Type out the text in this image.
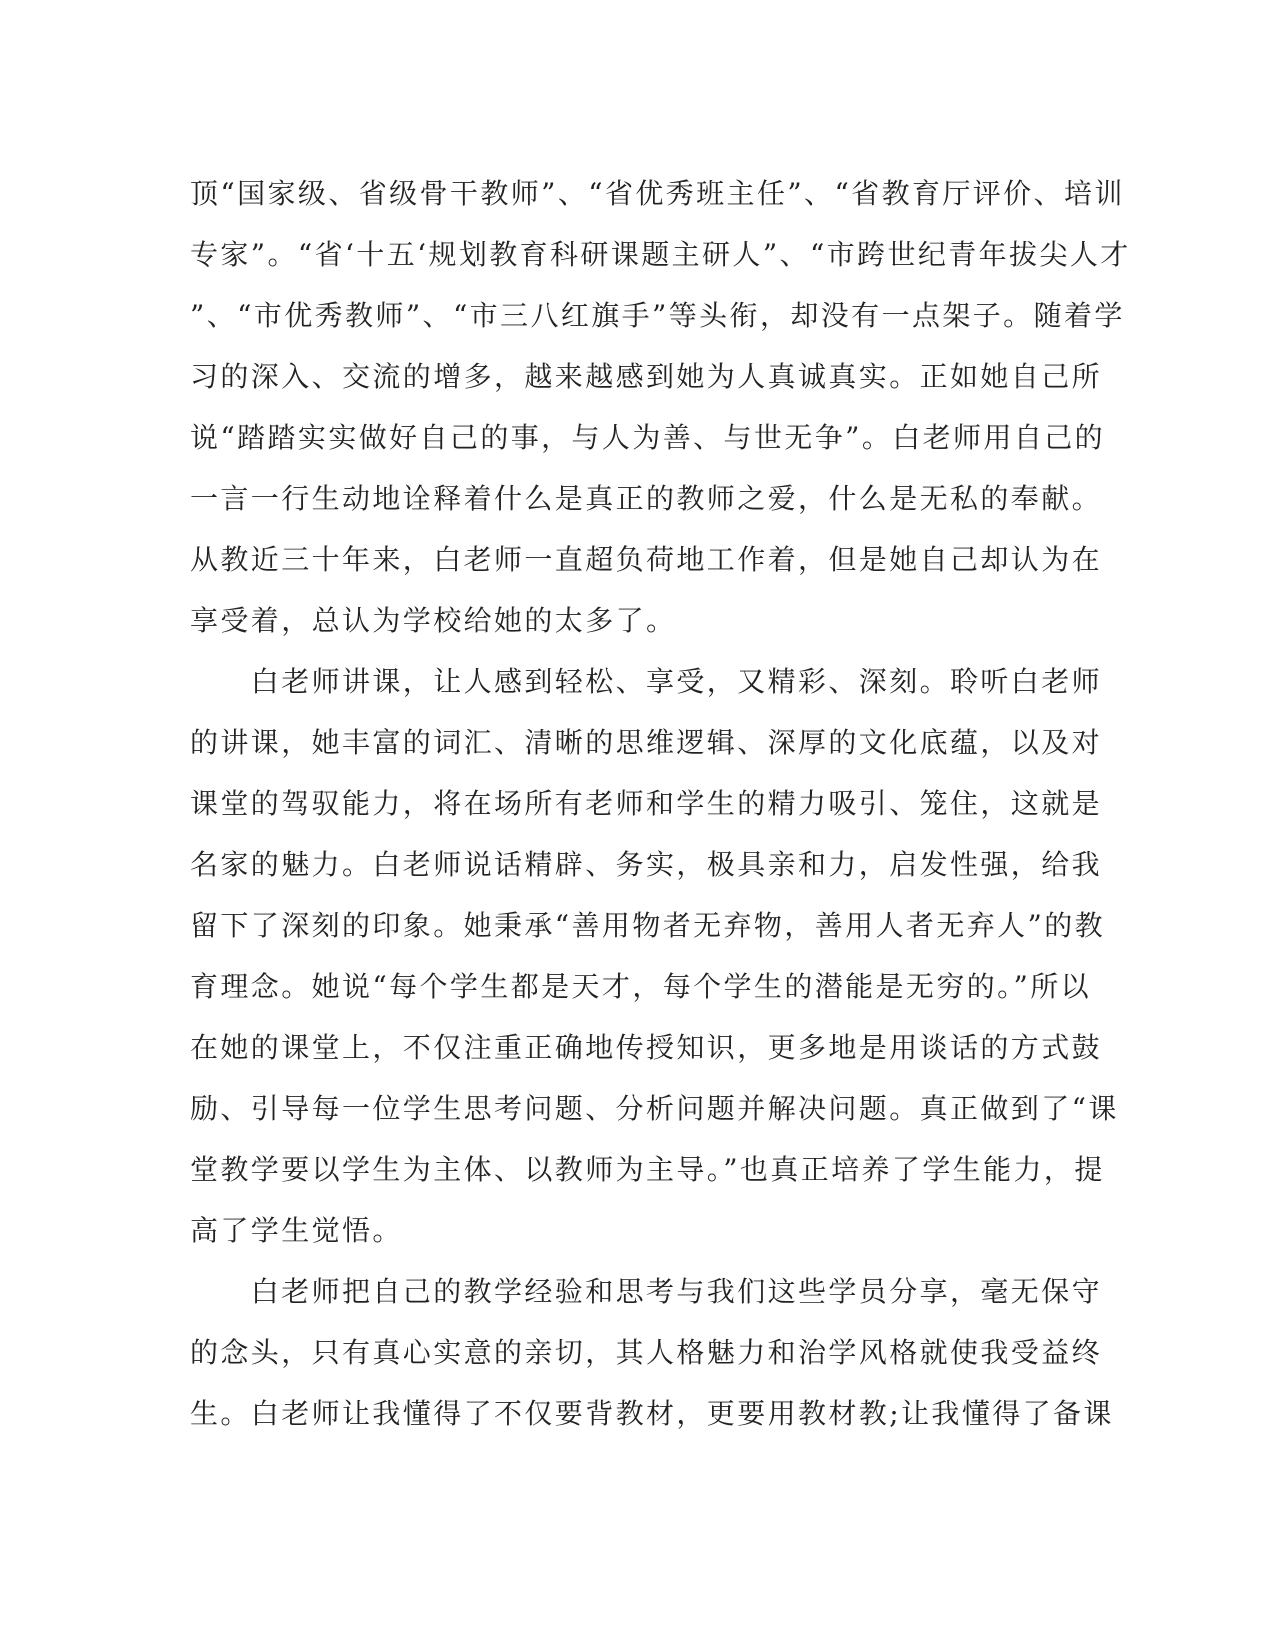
顶“国家级、省级骨干教师”、“省优秀班主任”、“省教育厅评价、培训
专家”。“省‘十五‘规划教育科研课题主研人”、“市跨世纪青年拔尖人才
”、“市优秀教师”、“市三八红旗手”等头衔，却没有一点架子。随着学
习的深入、交流的增多，越来越感到她为人真诚真实。正如她自己所
说“踏踏实实做好自己的事，与人为善、与世无争”。白老师用自己的
一言一行生动地诠释着什么是真正的教师之爱，什么是无私的奉献。
从教近三十年来，白老师一直超负荷地工作着，但是她自己却认为在
享受着，总认为学校给她的太多了。
　　白老师讲课，让人感到轻松、享受，又精彩、深刻。聆听白老师
的讲课，她丰富的词汇、清晰的思维逻辑、深厚的文化底蕴，以及对
课堂的驾驭能力，将在场所有老师和学生的精力吸引、笼住，这就是
名家的魅力。白老师说话精辟、务实，极具亲和力，启发性强，给我
留下了深刻的印象。她秉承“善用物者无弃物，善用人者无弃人”的教
育理念。她说“每个学生都是天才，每个学生的潜能是无穷的。”所以
在她的课堂上，不仅注重正确地传授知识，更多地是用谈话的方式鼓
励、引导每一位学生思考问题、分析问题并解决问题。真正做到了“课
堂教学要以学生为主体、以教师为主导。”也真正培养了学生能力，提
高了学生觉悟。
　　白老师把自己的教学经验和思考与我们这些学员分享，毫无保守
的念头，只有真心实意的亲切，其人格魅力和治学风格就使我受益终
生。白老师让我懂得了不仅要背教材，更要用教材教;让我懂得了备课
